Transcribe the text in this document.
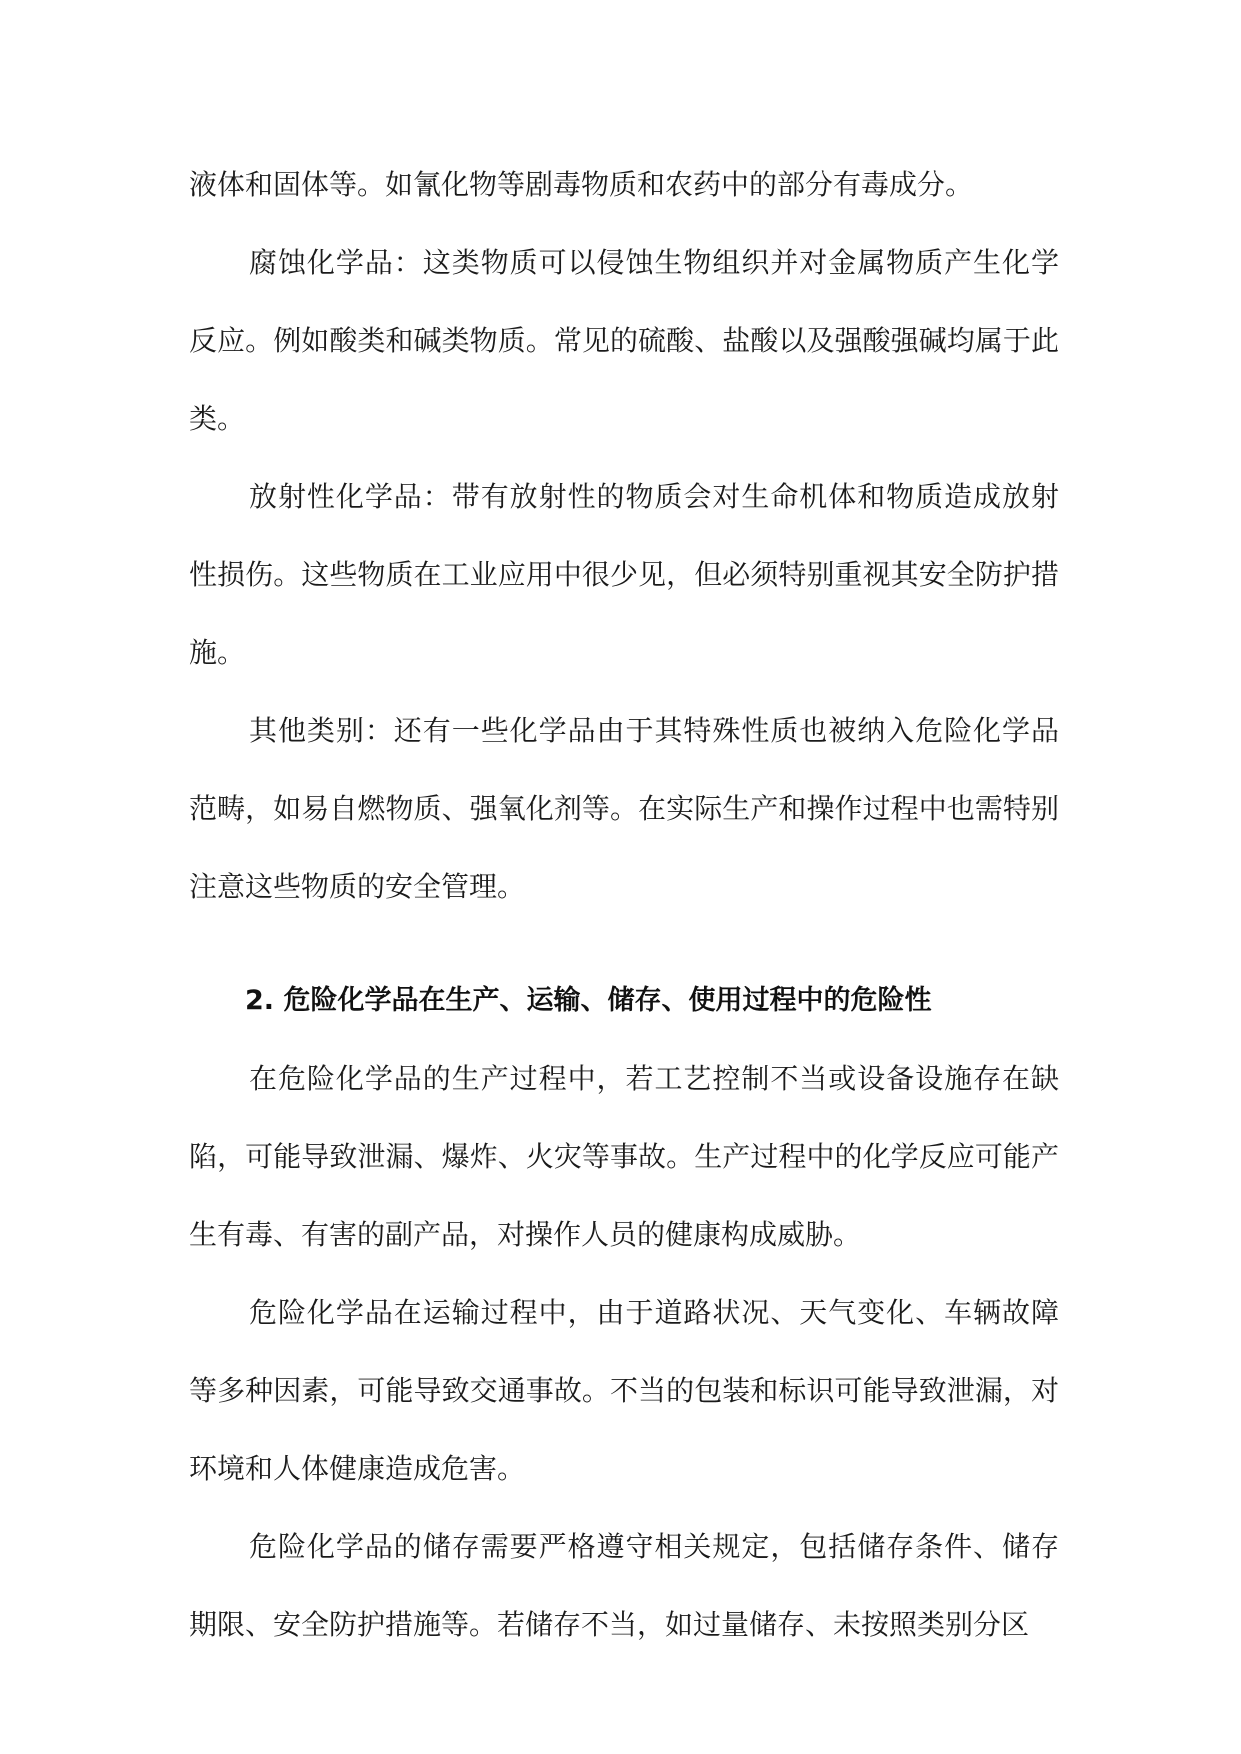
液体和固体等。如氰化物等剧毒物质和农药中的部分有毒成分。

腐蚀化学品：这类物质可以侵蚀生物组织并对金属物质产生化学反应。例如酸类和碱类物质。常见的硫酸、盐酸以及强酸强碱均属于此类。

放射性化学品：带有放射性的物质会对生命机体和物质造成放射性损伤。这些物质在工业应用中很少见，但必须特别重视其安全防护措施。

其他类别：还有一些化学品由于其特殊性质也被纳入危险化学品范畴，如易自燃物质、强氧化剂等。在实际生产和操作过程中也需特别注意这些物质的安全管理。

2. 危险化学品在生产、运输、储存、使用过程中的危险性

在危险化学品的生产过程中，若工艺控制不当或设备设施存在缺陷，可能导致泄漏、爆炸、火灾等事故。生产过程中的化学反应可能产生有毒、有害的副产品，对操作人员的健康构成威胁。

危险化学品在运输过程中，由于道路状况、天气变化、车辆故障等多种因素，可能导致交通事故。不当的包装和标识可能导致泄漏，对环境和人体健康造成危害。

危险化学品的储存需要严格遵守相关规定，包括储存条件、储存期限、安全防护措施等。若储存不当，如过量储存、未按照类别分区
